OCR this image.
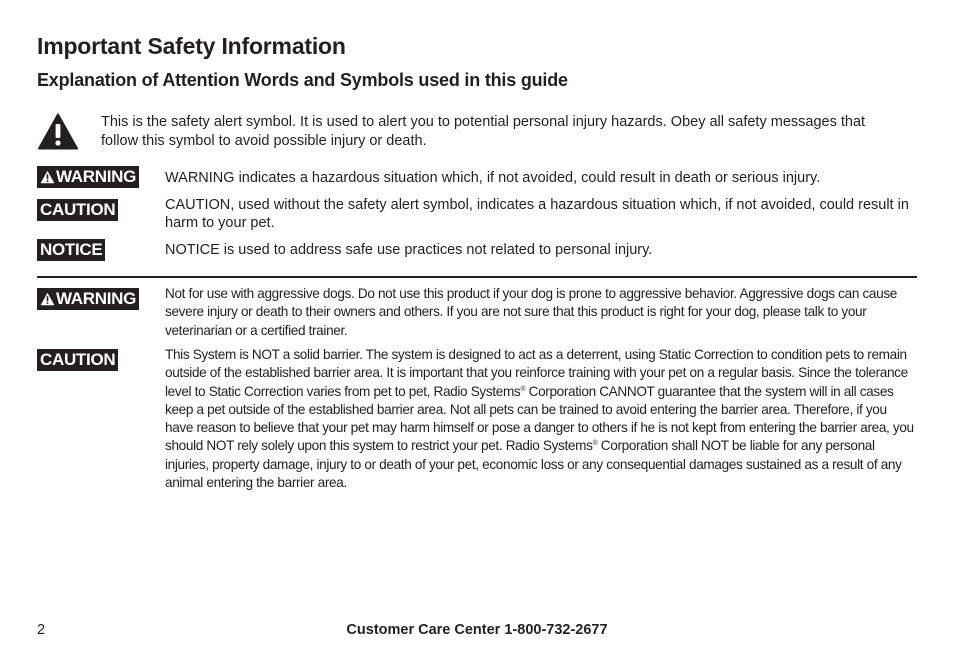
Important Safety Information
Explanation of Attention Words and Symbols used in this guide
This is the safety alert symbol. It is used to alert you to potential personal injury hazards. Obey all safety messages that follow this symbol to avoid possible injury or death.
WARNING WARNING indicates a hazardous situation which, if not avoided, could result in death or serious injury.
CAUTION	CAUTION, used without the safety alert symbol, indicates a hazardous situation which, if not avoided, could result in harm to your pet.
NOTICE	NOTICE is used to address safe use practices not related to personal injury.
WARNING Not for use with aggressive dogs. Do not use this product if your dog is prone to aggressive behavior. Aggressive dogs can cause severe injury or death to their owners and others. If you are not sure that this product is right for your dog, please talk to your veterinarian or a certified trainer.
CAUTION	This System is NOT a solid barrier. The system is designed to act as a deterrent, using Static Correction to condition pets to remain outside of the established barrier area. It is important that you reinforce training with your pet on a regular basis. Since the tolerance level to Static Correction varies from pet to pet, Radio Systems® Corporation CANNOT guarantee that the system will in all cases keep a pet outside of the established barrier area. Not all pets can be trained to avoid entering the barrier area. Therefore, if you have reason to believe that your pet may harm himself or pose a danger to others if he is not kept from entering the barrier area, you should NOT rely solely upon this system to restrict your pet. Radio Systems® Corporation shall NOT be liable for any personal injuries, property damage, injury to or death of your pet, economic loss or any consequential damages sustained as a result of any animal entering the barrier area.
2	Customer Care Center 1-800-732-2677
